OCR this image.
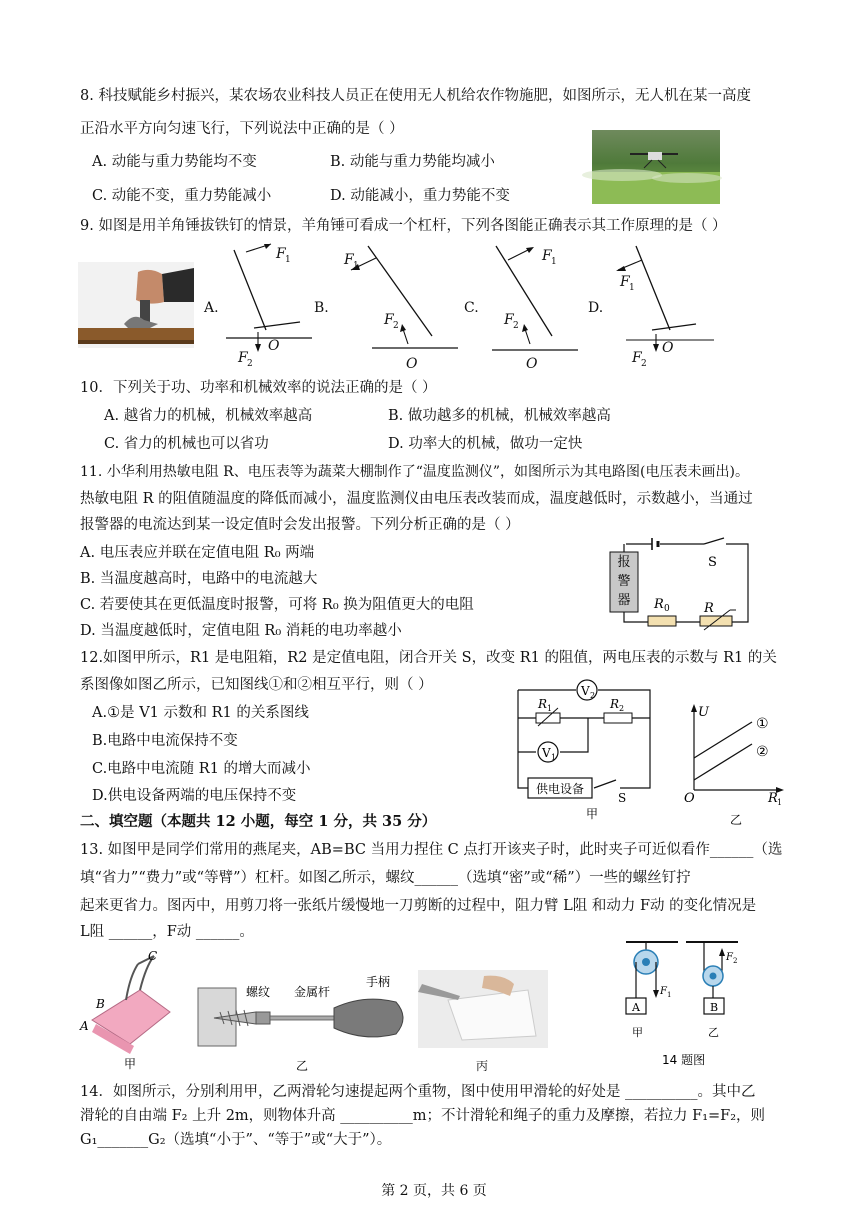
8. 科技赋能乡村振兴，某农场农业科技人员正在使用无人机给农作物施肥，如图所示，无人机在某一高度
正沿水平方向匀速飞行，下列说法中正确的是（ ）
A. 动能与重力势能均不变	B. 动能与重力势能均减小
C. 动能不变，重力势能减小	D. 动能减小，重力势能不变
9. 如图是用羊角锤拔铁钉的情景，羊角锤可看成一个杠杆，下列各图能正确表示其工作原理的是（ ）
A.
F 1
F 2
O
B.
F 1
F 2
O
C.
F 1
F 2
O
D.
F 1
F 2
O
10．下列关于功、功率和机械效率的说法正确的是（ ）
A. 越省力的机械，机械效率越高	B. 做功越多的机械，机械效率越高
C. 省力的机械也可以省功	D. 功率大的机械，做功一定快
11. 小华利用热敏电阻 R、电压表等为蔬菜大棚制作了“温度监测仪”，如图所示为其电路图(电压表未画出)。
热敏电阻 R 的阻值随温度的降低而减小，温度监测仪由电压表改装而成，温度越低时，示数越小，当通过
报警器的电流达到某一设定值时会发出报警。下列分析正确的是（ ）
A. 电压表应并联在定值电阻 R₀ 两端
B. 当温度越高时，电路中的电流越大
C. 若要使其在更低温度时报警，可将 R₀ 换为阻值更大的电阻
D. 当温度越低时，定值电阻 R₀ 消耗的电功率越小
报
警
器
S
R 0	R
12.如图甲所示，R1 是电阻箱，R2 是定值电阻，闭合开关 S，改变 R1 的阻值，两电压表的示数与 R1 的关
系图像如图乙所示，已知图线①和②相互平行，则（ ）
A.①是 V1 示数和 R1 的关系图线
B.电路中电流保持不变
C.电路中电流随 R1 的增大而减小
D.供电设备两端的电压保持不变
V 2
V 1
R 1	R 2
供电设备
S
甲
U
①
②
O	R 1
乙
二、填空题（本题共 12 小题，每空 1 分，共 35 分）
13. 如图甲是同学们常用的燕尾夹，AB=BC 当用力捏住 C 点打开该夹子时，此时夹子可近似看作______（选
填“省力”“费力”或“等臂”）杠杆。如图乙所示，螺纹______（选填“密”或“稀”）一些的螺丝钉拧
起来更省力。图丙中，用剪刀将一张纸片缓慢地一刀剪断的过程中，阻力臂 L阻 和动力 F动 的变化情况是
L阻 ______，F动 ______。
C
B
A
甲
螺纹 金属杆
手柄
乙	丙
A
F 1
B
F 2
甲	乙
14 题图
14．如图所示，分别利用甲，乙两滑轮匀速提起两个重物，图中使用甲滑轮的好处是 __________。其中乙
滑轮的自由端 F₂ 上升 2m，则物体升高 __________m；不计滑轮和绳子的重力及摩擦，若拉力 F₁=F₂，则
G₁_______G₂（选填“小于”、“等于”或“大于”）。
第 2 页，共 6 页
